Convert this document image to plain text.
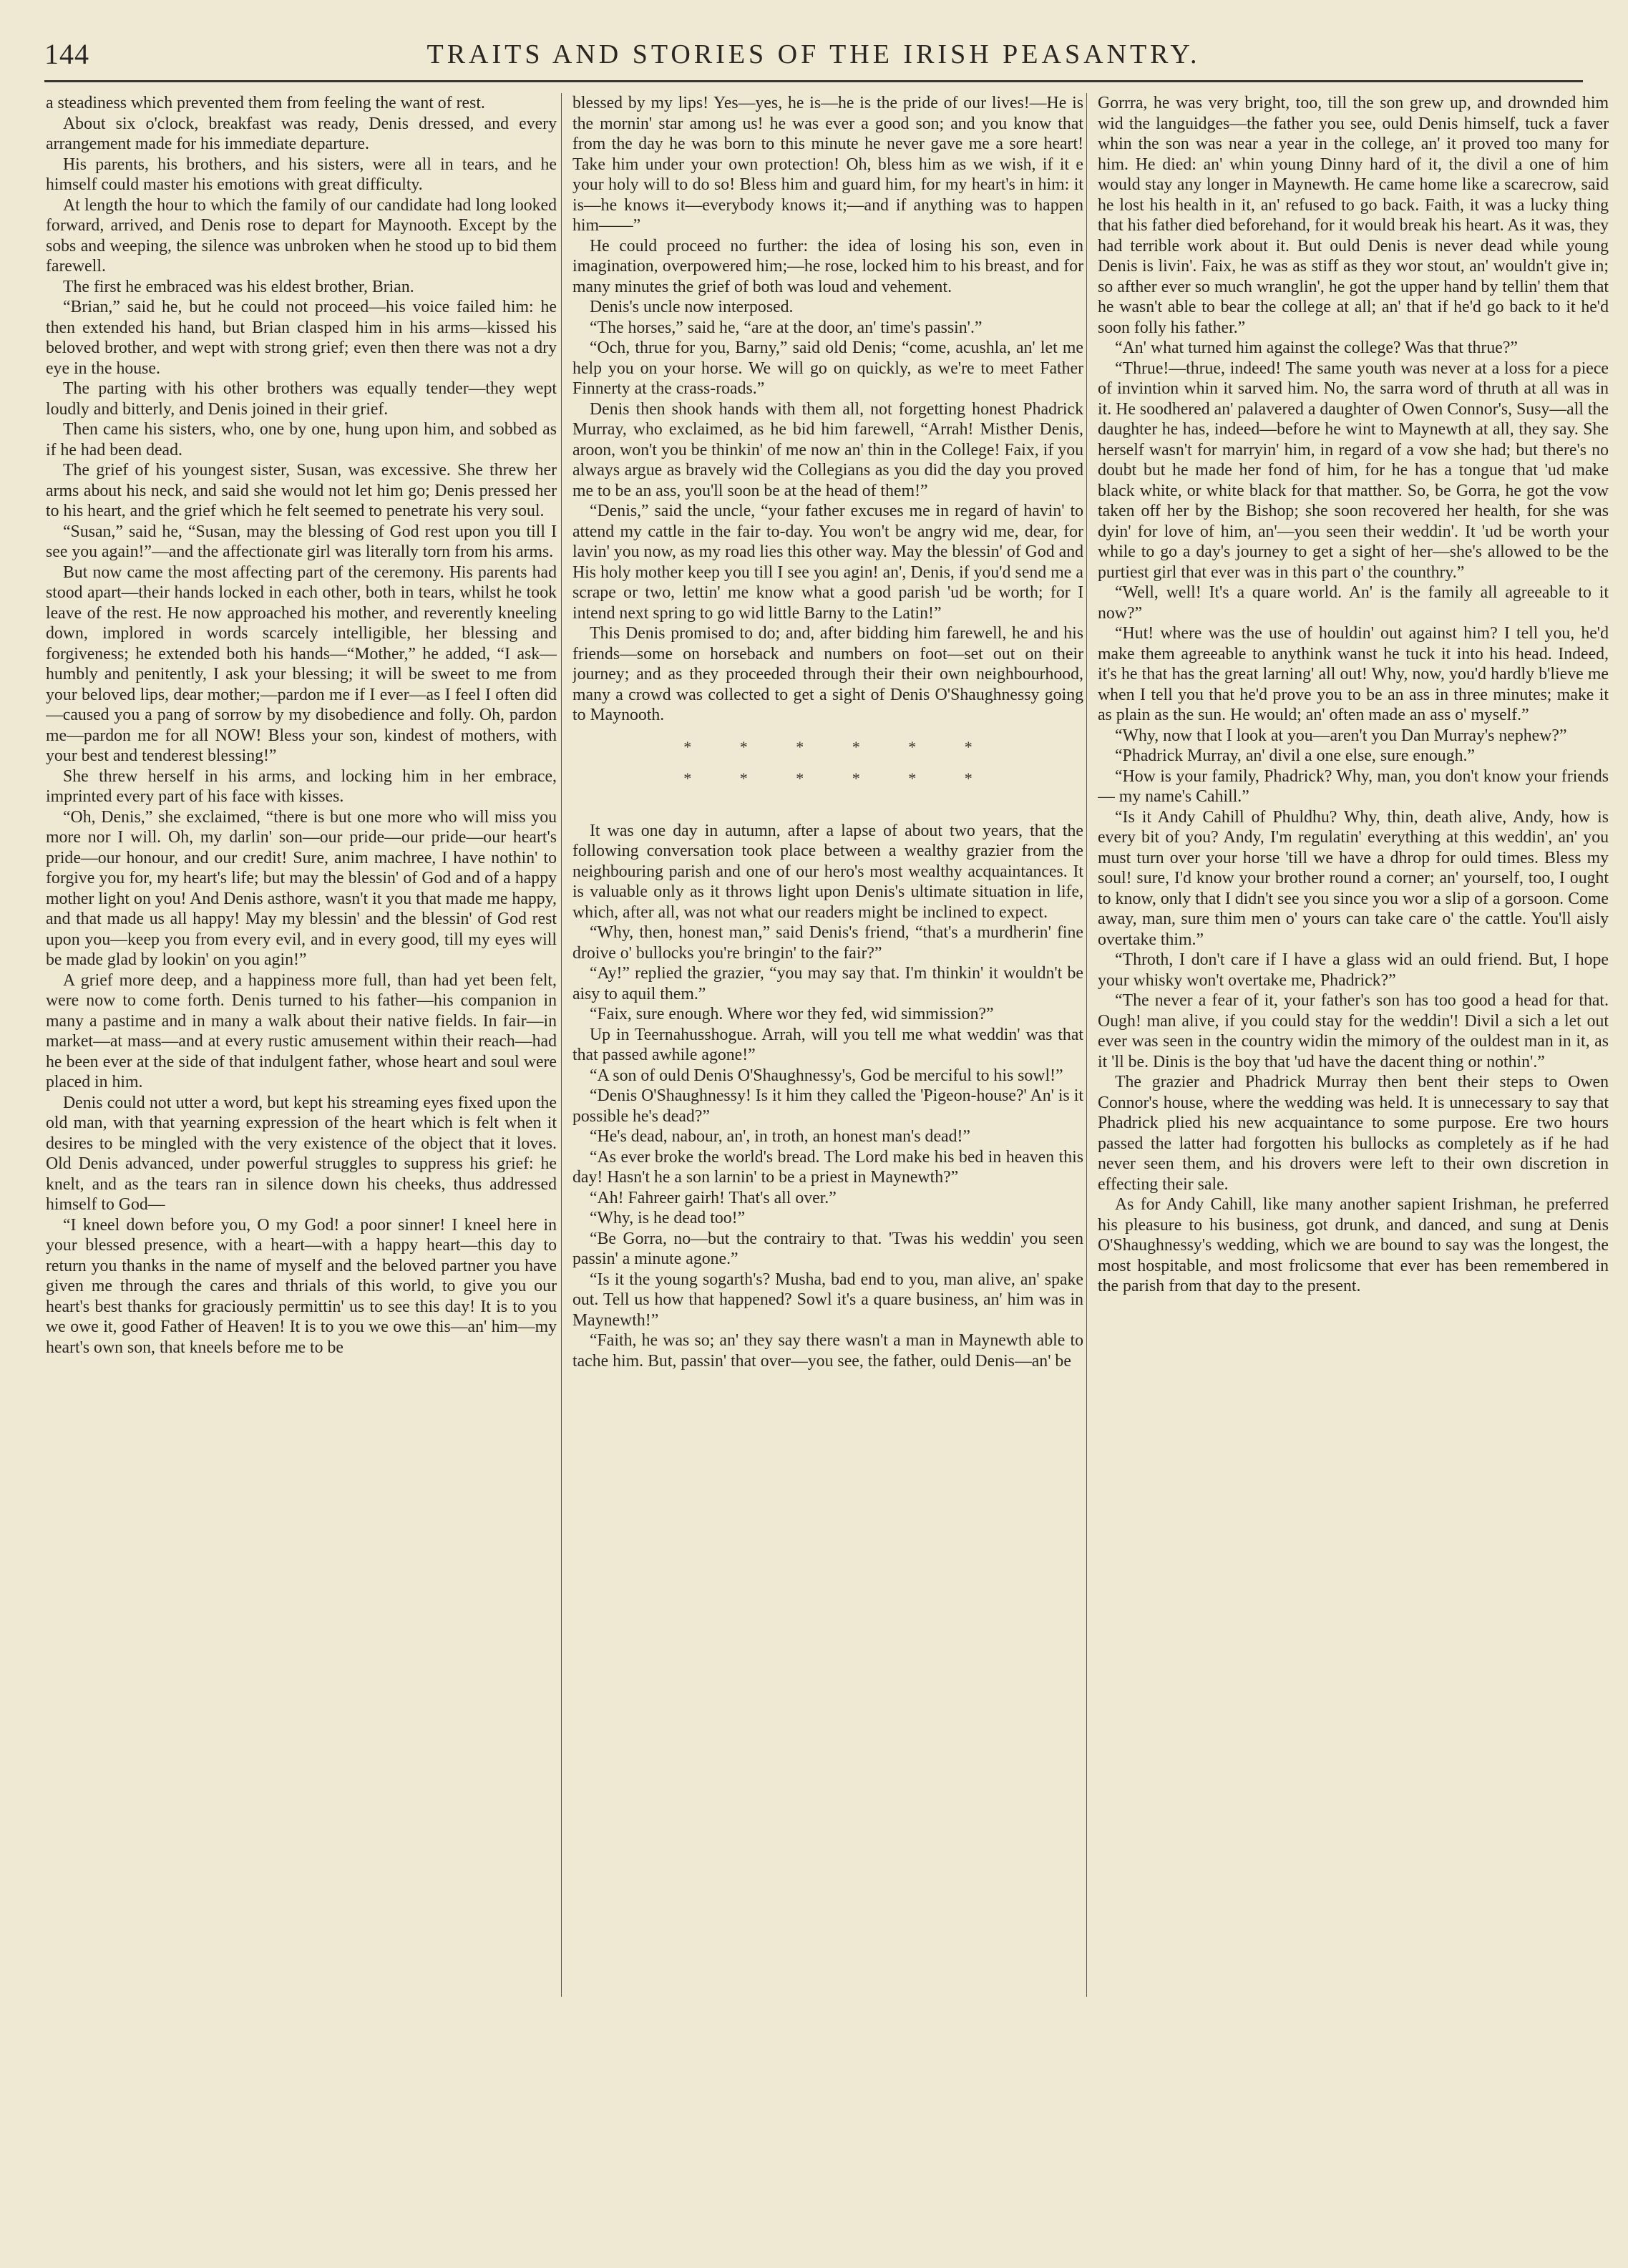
144	TRAITS AND STORIES OF THE IRISH PEASANTRY.

a steadiness which prevented them from feeling the want of rest.

About six o'clock, breakfast was ready, Denis dressed, and every arrangement made for his immediate departure.

His parents, his brothers, and his sisters, were all in tears, and he himself could master his emotions with great difficulty.

At length the hour to which the family of our candidate had long looked forward, arrived, and Denis rose to depart for Maynooth. Except by the sobs and weeping, the silence was unbroken when he stood up to bid them farewell.

The first he embraced was his eldest brother, Brian.

“Brian,” said he, but he could not proceed—his voice failed him: he then extended his hand, but Brian clasped him in his arms—kissed his beloved brother, and wept with strong grief; even then there was not a dry eye in the house.

The parting with his other brothers was equally tender—they wept loudly and bitterly, and Denis joined in their grief.

Then came his sisters, who, one by one, hung upon him, and sobbed as if he had been dead.

The grief of his youngest sister, Susan, was excessive. She threw her arms about his neck, and said she would not let him go; Denis pressed her to his heart, and the grief which he felt seemed to penetrate his very soul.

“Susan,” said he, “Susan, may the blessing of God rest upon you till I see you again!”—and the affectionate girl was literally torn from his arms.

But now came the most affecting part of the ceremony. His parents had stood apart—their hands locked in each other, both in tears, whilst he took leave of the rest. He now approached his mother, and reverently kneeling down, implored in words scarcely intelligible, her blessing and forgiveness; he extended both his hands—“Mother,” he added, “I ask—humbly and penitently, I ask your blessing; it will be sweet to me from your beloved lips, dear mother;—pardon me if I ever—as I feel I often did—caused you a pang of sorrow by my disobedience and folly. Oh, pardon me—pardon me for all NOW! Bless your son, kindest of mothers, with your best and tenderest blessing!”

She threw herself in his arms, and locking him in her embrace, imprinted every part of his face with kisses.

“Oh, Denis,” she exclaimed, “there is but one more who will miss you more nor I will. Oh, my darlin' son—our pride—our pride—our heart's pride—our honour, and our credit! Sure, anim machree, I have nothin' to forgive you for, my heart's life; but may the blessin' of God and of a happy mother light on you! And Denis asthore, wasn't it you that made me happy, and that made us all happy! May my blessin' and the blessin' of God rest upon you—keep you from every evil, and in every good, till my eyes will be made glad by lookin' on you agin!”

A grief more deep, and a happiness more full, than had yet been felt, were now to come forth. Denis turned to his father—his companion in many a pastime and in many a walk about their native fields. In fair—in market—at mass—and at every rustic amusement within their reach—had he been ever at the side of that indulgent father, whose heart and soul were placed in him.

Denis could not utter a word, but kept his streaming eyes fixed upon the old man, with that yearning expression of the heart which is felt when it desires to be mingled with the very existence of the object that it loves. Old Denis advanced, under powerful struggles to suppress his grief: he knelt, and as the tears ran in silence down his cheeks, thus addressed himself to God—

“I kneel down before you, O my God! a poor sinner! I kneel here in your blessed presence, with a heart—with a happy heart—this day to return you thanks in the name of myself and the beloved partner you have given me through the cares and thrials of this world, to give you our heart's best thanks for graciously permittin' us to see this day! It is to you we owe it, good Father of Heaven! It is to you we owe this—an' him—my heart's own son, that kneels before me to be

blessed by my lips! Yes—yes, he is—he is the pride of our lives!—He is the mornin' star among us! he was ever a good son; and you know that from the day he was born to this minute he never gave me a sore heart! Take him under your own protection! Oh, bless him as we wish, if it e your holy will to do so! Bless him and guard him, for my heart's in him: it is—he knows it—everybody knows it;—and if anything was to happen him——”

He could proceed no further: the idea of losing his son, even in imagination, overpowered him;—he rose, locked him to his breast, and for many minutes the grief of both was loud and vehement.

Denis's uncle now interposed.

“The horses,” said he, “are at the door, an' time's passin'.”

“Och, thrue for you, Barny,” said old Denis; “come, acushla, an' let me help you on your horse. We will go on quickly, as we're to meet Father Finnerty at the crass-roads.”

Denis then shook hands with them all, not forgetting honest Phadrick Murray, who exclaimed, as he bid him farewell, “Arrah! Misther Denis, aroon, won't you be thinkin' of me now an' thin in the College! Faix, if you always argue as bravely wid the Collegians as you did the day you proved me to be an ass, you'll soon be at the head of them!”

“Denis,” said the uncle, “your father excuses me in regard of havin' to attend my cattle in the fair to-day. You won't be angry wid me, dear, for lavin' you now, as my road lies this other way. May the blessin' of God and His holy mother keep you till I see you agin! an', Denis, if you'd send me a scrape or two, lettin' me know what a good parish 'ud be worth; for I intend next spring to go wid little Barny to the Latin!”

This Denis promised to do; and, after bidding him farewell, he and his friends—some on horseback and numbers on foot—set out on their journey; and as they proceeded through their their own neighbourhood, many a crowd was collected to get a sight of Denis O'Shaughnessy going to Maynooth.

* * * * * *
* * * * * *

It was one day in autumn, after a lapse of about two years, that the following conversation took place between a wealthy grazier from the neighbouring parish and one of our hero's most wealthy acquaintances. It is valuable only as it throws light upon Denis's ultimate situation in life, which, after all, was not what our readers might be inclined to expect.

“Why, then, honest man,” said Denis's friend, “that's a murdherin' fine droive o' bullocks you're bringin' to the fair?”

“Ay!” replied the grazier, “you may say that. I'm thinkin' it wouldn't be aisy to aquil them.”

“Faix, sure enough. Where wor they fed, wid simmission?”

Up in Teernahusshogue. Arrah, will you tell me what weddin' was that that passed awhile agone!”

“A son of ould Denis O'Shaughnessy's, God be merciful to his sowl!”

“Denis O'Shaughnessy! Is it him they called the 'Pigeon-house?' An' is it possible he's dead?”

“He's dead, nabour, an', in troth, an honest man's dead!”

“As ever broke the world's bread. The Lord make his bed in heaven this day! Hasn't he a son larnin' to be a priest in Maynewth?”

“Ah! Fahreer gairh! That's all over.”

“Why, is he dead too!”

“Be Gorra, no—but the contrairy to that. 'Twas his weddin' you seen passin' a minute agone.”

“Is it the young sogarth's? Musha, bad end to you, man alive, an' spake out. Tell us how that happened? Sowl it's a quare business, an' him was in Maynewth!”

“Faith, he was so; an' they say there wasn't a man in Maynewth able to tache him. But, passin' that over—you see, the father, ould Denis—an' be

Gorrra, he was very bright, too, till the son grew up, and drownded him wid the languidges—the father you see, ould Denis himself, tuck a faver whin the son was near a year in the college, an' it proved too many for him. He died: an' whin young Dinny hard of it, the divil a one of him would stay any longer in Maynewth. He came home like a scarecrow, said he lost his health in it, an' refused to go back. Faith, it was a lucky thing that his father died beforehand, for it would break his heart. As it was, they had terrible work about it. But ould Denis is never dead while young Denis is livin'. Faix, he was as stiff as they wor stout, an' wouldn't give in; so afther ever so much wranglin', he got the upper hand by tellin' them that he wasn't able to bear the college at all; an' that if he'd go back to it he'd soon folly his father.”

“An' what turned him against the college? Was that thrue?”

“Thrue!—thrue, indeed! The same youth was never at a loss for a piece of invintion whin it sarved him. No, the sarra word of thruth at all was in it. He soodhered an' palavered a daughter of Owen Connor's, Susy—all the daughter he has, indeed—before he wint to Maynewth at all, they say. She herself wasn't for marryin' him, in regard of a vow she had; but there's no doubt but he made her fond of him, for he has a tongue that 'ud make black white, or white black for that matther. So, be Gorra, he got the vow taken off her by the Bishop; she soon recovered her health, for she was dyin' for love of him, an'—you seen their weddin'. It 'ud be worth your while to go a day's journey to get a sight of her—she's allowed to be the purtiest girl that ever was in this part o' the counthry.”

“Well, well! It's a quare world. An' is the family all agreeable to it now?”

“Hut! where was the use of houldin' out against him? I tell you, he'd make them agreeable to anythink wanst he tuck it into his head. Indeed, it's he that has the great larning' all out! Why, now, you'd hardly b'lieve me when I tell you that he'd prove you to be an ass in three minutes; make it as plain as the sun. He would; an' often made an ass o' myself.”

“Why, now that I look at you—aren't you Dan Murray's nephew?”

“Phadrick Murray, an' divil a one else, sure enough.”

“How is your family, Phadrick? Why, man, you don't know your friends — my name's Cahill.”

“Is it Andy Cahill of Phuldhu? Why, thin, death alive, Andy, how is every bit of you? Andy, I'm regulatin' everything at this weddin', an' you must turn over your horse 'till we have a dhrop for ould times. Bless my soul! sure, I'd know your brother round a corner; an' yourself, too, I ought to know, only that I didn't see you since you wor a slip of a gorsoon. Come away, man, sure thim men o' yours can take care o' the cattle. You'll aisly overtake thim.”

“Throth, I don't care if I have a glass wid an ould friend. But, I hope your whisky won't overtake me, Phadrick?”

“The never a fear of it, your father's son has too good a head for that. Ough! man alive, if you could stay for the weddin'! Divil a sich a let out ever was seen in the country widin the mimory of the ouldest man in it, as it 'll be. Dinis is the boy that 'ud have the dacent thing or nothin'.”

The grazier and Phadrick Murray then bent their steps to Owen Connor's house, where the wedding was held. It is unnecessary to say that Phadrick plied his new acquaintance to some purpose. Ere two hours passed the latter had forgotten his bullocks as completely as if he had never seen them, and his drovers were left to their own discretion in effecting their sale.

As for Andy Cahill, like many another sapient Irishman, he preferred his pleasure to his business, got drunk, and danced, and sung at Denis O'Shaughnessy's wedding, which we are bound to say was the longest, the most hospitable, and most frolicsome that ever has been remembered in the parish from that day to the present.
